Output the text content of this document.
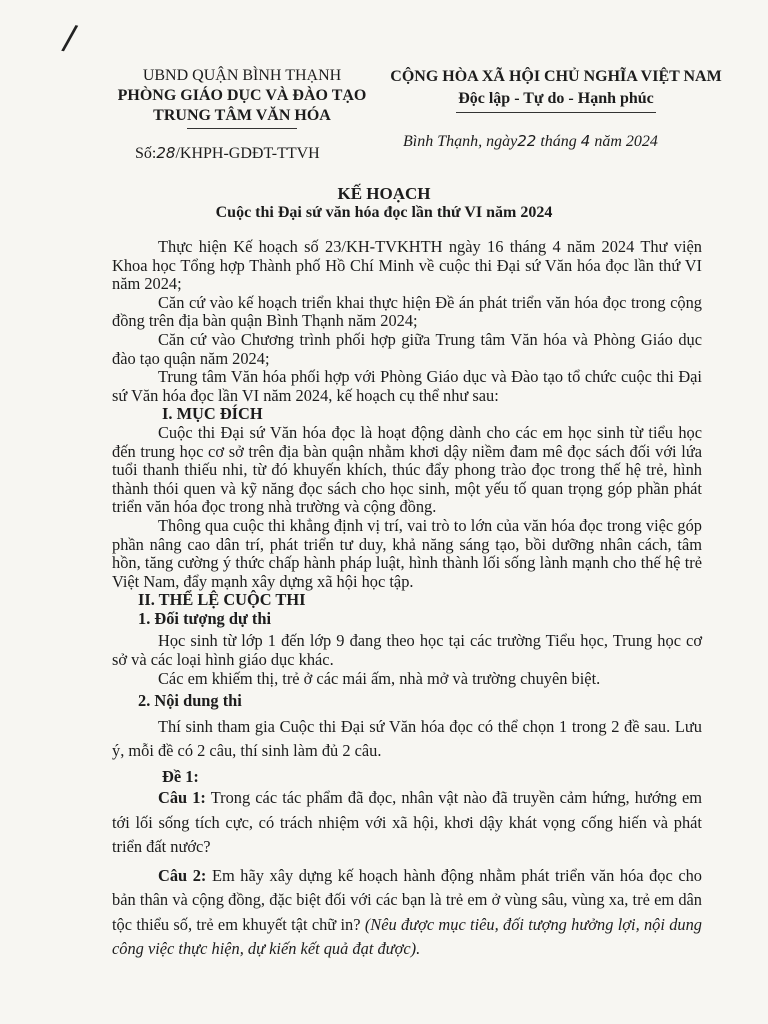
/
UBND QUẬN BÌNH THẠNH
PHÒNG GIÁO DỤC VÀ ĐÀO TẠO
TRUNG TÂM VĂN HÓA
CỘNG HÒA XÃ HỘI CHỦ NGHĨA VIỆT NAM
Độc lập - Tự do - Hạnh phúc
Số:28/KHPH-GDĐT-TTVH
Bình Thạnh, ngày22 tháng 4 năm 2024
KẾ HOẠCH
Cuộc thi Đại sứ văn hóa đọc lần thứ VI năm 2024

Thực hiện Kế hoạch số 23/KH-TVKHTH ngày 16 tháng 4 năm 2024 Thư viện Khoa học Tổng hợp Thành phố Hồ Chí Minh về cuộc thi Đại sứ Văn hóa đọc lần thứ VI năm 2024;

Căn cứ vào kế hoạch triển khai thực hiện Đề án phát triển văn hóa đọc trong cộng đồng trên địa bàn quận Bình Thạnh năm 2024;

Căn cứ vào Chương trình phối hợp giữa Trung tâm Văn hóa và Phòng Giáo dục đào tạo quận năm 2024;

Trung tâm Văn hóa phối hợp với Phòng Giáo dục và Đào tạo tổ chức cuộc thi Đại sứ Văn hóa đọc lần VI năm 2024, kế hoạch cụ thể như sau:

I. MỤC ĐÍCH

Cuộc thi Đại sứ Văn hóa đọc là hoạt động dành cho các em học sinh từ tiểu học đến trung học cơ sở trên địa bàn quận nhằm khơi dậy niềm đam mê đọc sách đối với lứa tuổi thanh thiếu nhi, từ đó khuyến khích, thúc đẩy phong trào đọc trong thế hệ trẻ, hình thành thói quen và kỹ năng đọc sách cho học sinh, một yếu tố quan trọng góp phần phát triển văn hóa đọc trong nhà trường và cộng đồng.

Thông qua cuộc thi khẳng định vị trí, vai trò to lớn của văn hóa đọc trong việc góp phần nâng cao dân trí, phát triển tư duy, khả năng sáng tạo, bồi dưỡng nhân cách, tâm hồn, tăng cường ý thức chấp hành pháp luật, hình thành lối sống lành mạnh cho thế hệ trẻ Việt Nam, đẩy mạnh xây dựng xã hội học tập.

II. THỂ LỆ CUỘC THI

1. Đối tượng dự thi

Học sinh từ lớp 1 đến lớp 9 đang theo học tại các trường Tiểu học, Trung học cơ sở và các loại hình giáo dục khác.

Các em khiếm thị, trẻ ở các mái ấm, nhà mở và trường chuyên biệt.

2. Nội dung thi

Thí sinh tham gia Cuộc thi Đại sứ Văn hóa đọc có thể chọn 1 trong 2 đề sau. Lưu ý, mỗi đề có 2 câu, thí sinh làm đủ 2 câu.

Đề 1:

Câu 1: Trong các tác phẩm đã đọc, nhân vật nào đã truyền cảm hứng, hướng em tới lối sống tích cực, có trách nhiệm với xã hội, khơi dậy khát vọng cống hiến và phát triển đất nước?

Câu 2: Em hãy xây dựng kế hoạch hành động nhằm phát triển văn hóa đọc cho bản thân và cộng đồng, đặc biệt đối với các bạn là trẻ em ở vùng sâu, vùng xa, trẻ em dân tộc thiểu số, trẻ em khuyết tật chữ in? (Nêu được mục tiêu, đối tượng hưởng lợi, nội dung công việc thực hiện, dự kiến kết quả đạt được).
